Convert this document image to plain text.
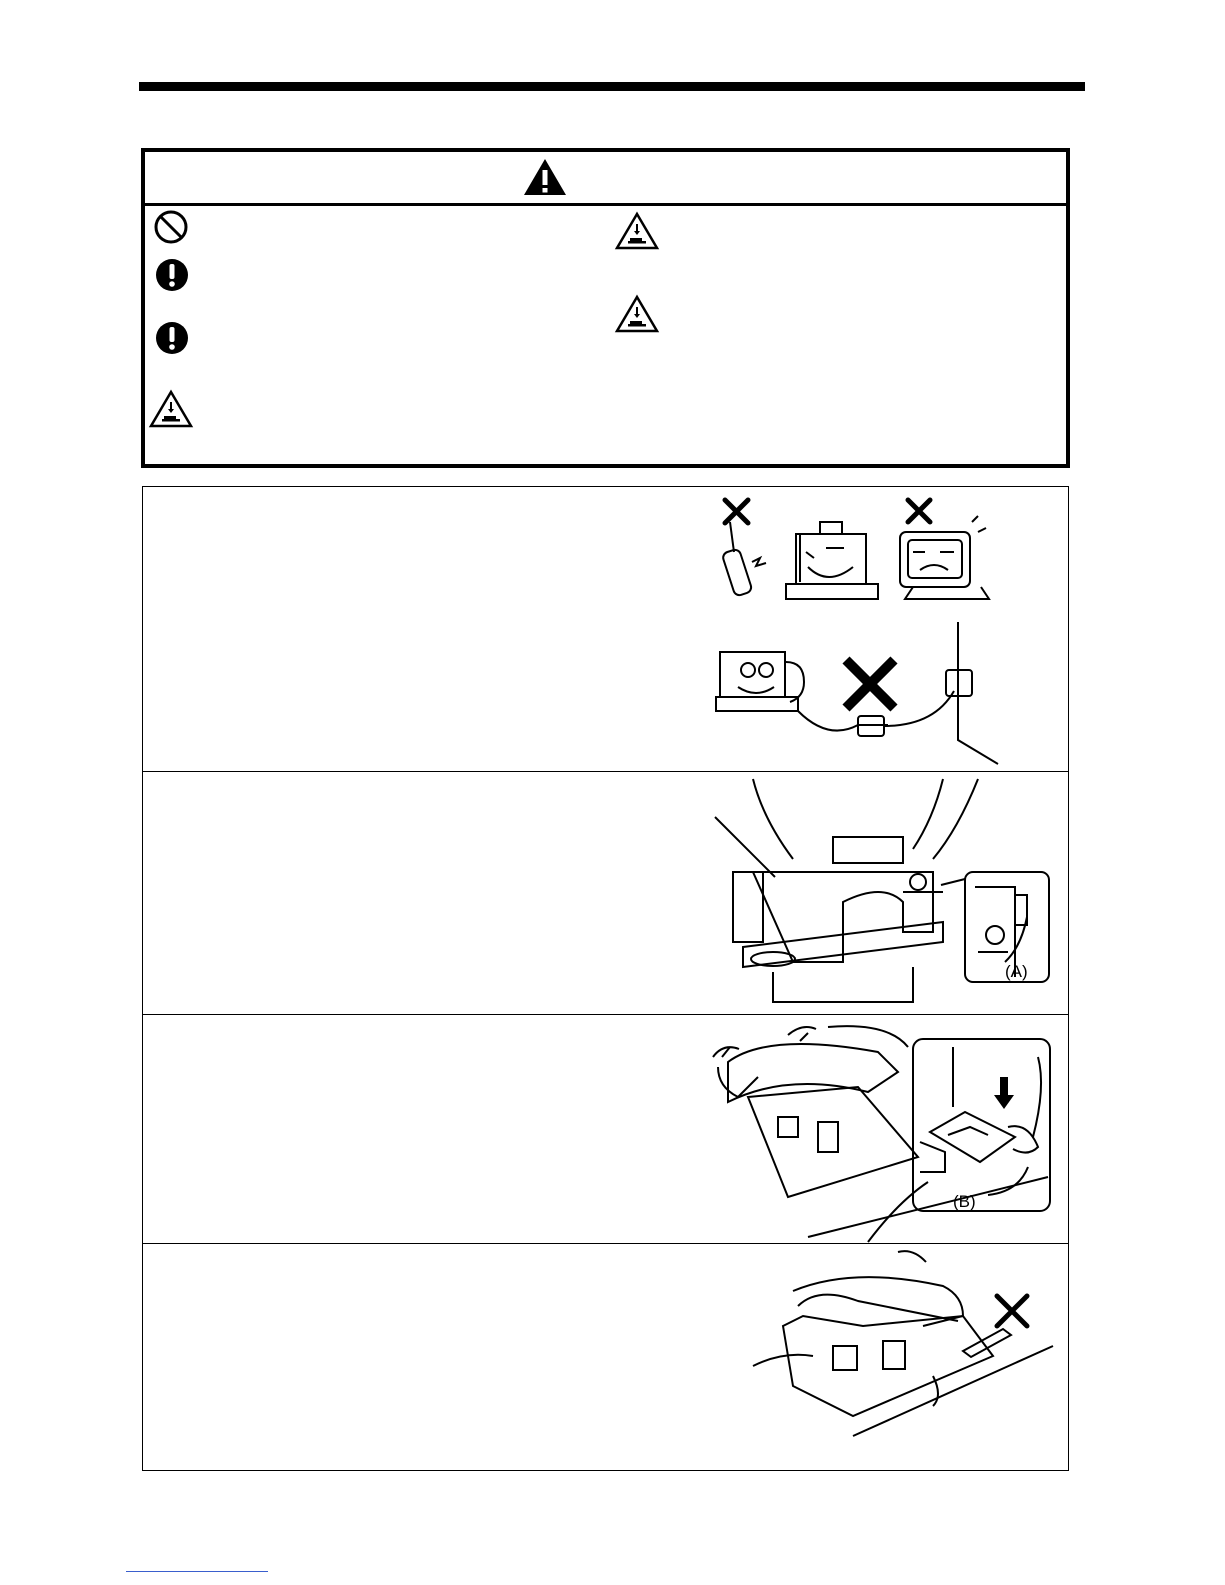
(A)
(B)
